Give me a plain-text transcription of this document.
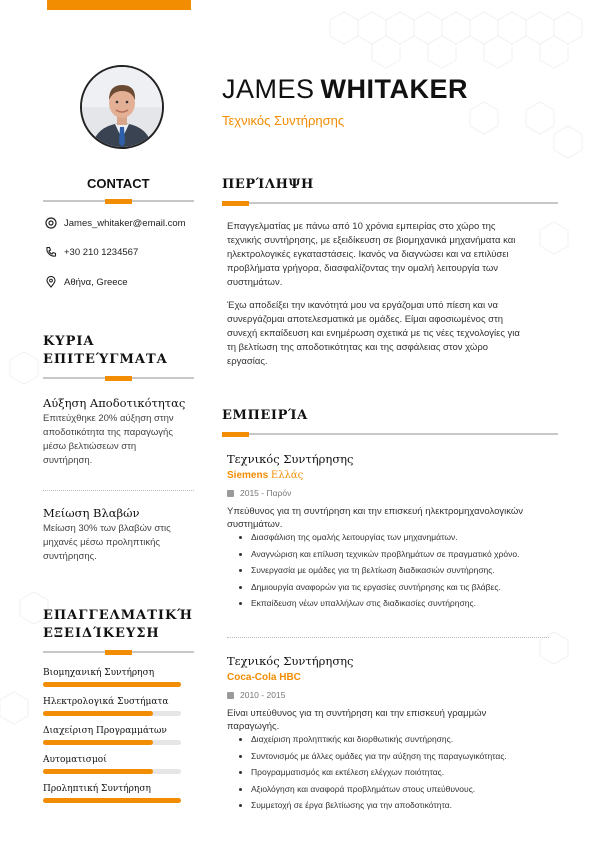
JAMES WHITAKER
Τεχνικός Συντήρησης
CONTACT
James_whitaker@email.com
+30 210 1234567
Αθήνα, Greece
ΚΥΡΙΑ
ΕΠΙΤΕΎΓΜΑΤΑ
Αύξηση Αποδοτικότητας
Επιτεύχθηκε 20% αύξηση στην
αποδοτικότητα της παραγωγής
μέσω βελτιώσεων στη
συντήρηση.
Μείωση Βλαβών
Μείωση 30% των βλαβών στις
μηχανές μέσω προληπτικής
συντήρησης.
ΕΠΑΓΓΕΛΜΑΤΙΚΉ
ΕΞΕΙΔΊΚΕΥΣΗ
Βιομηχανική Συντήρηση
Ηλεκτρολογικά Συστήματα
Διαχείριση Προγραμμάτων
Αυτοματισμοί
Προληπτική Συντήρηση
ΠΕΡΊΛΗΨΗ
Επαγγελματίας με πάνω από 10 χρόνια εμπειρίας στο χώρο της
τεχνικής συντήρησης, με εξειδίκευση σε βιομηχανικά μηχανήματα και
ηλεκτρολογικές εγκαταστάσεις. Ικανός να διαγνώσει και να επιλύσει
προβλήματα γρήγορα, διασφαλίζοντας την ομαλή λειτουργία των
συστημάτων.
Έχω αποδείξει την ικανότητά μου να εργάζομαι υπό πίεση και να
συνεργάζομαι αποτελεσματικά με ομάδες. Είμαι αφοσιωμένος στη
συνεχή εκπαίδευση και ενημέρωση σχετικά με τις νέες τεχνολογίες για
τη βελτίωση της αποδοτικότητας και της ασφάλειας στον χώρο
εργασίας.
ΕΜΠΕΙΡΊΑ
Τεχνικός Συντήρησης
Siemens Ελλάς
2015 - Παρόν
Υπεύθυνος για τη συντήρηση και την επισκευή ηλεκτρομηχανολογικών
συστημάτων.
• Διασφάλιση της ομαλής λειτουργίας των μηχανημάτων.
• Αναγνώριση και επίλυση τεχνικών προβλημάτων σε πραγματικό χρόνο.
• Συνεργασία με ομάδες για τη βελτίωση διαδικασιών συντήρησης.
• Δημιουργία αναφορών για τις εργασίες συντήρησης και τις βλάβες.
• Εκπαίδευση νέων υπαλλήλων στις διαδικασίες συντήρησης.
Τεχνικός Συντήρησης
Coca-Cola HBC
2010 - 2015
Είναι υπεύθυνος για τη συντήρηση και την επισκευή γραμμών
παραγωγής.
• Διαχείριση προληπτικής και διορθωτικής συντήρησης.
• Συντονισμός με άλλες ομάδες για την αύξηση της παραγωγικότητας.
• Προγραμματισμός και εκτέλεση ελέγχων ποιότητας.
• Αξιολόγηση και αναφορά προβλημάτων στους υπεύθυνους.
• Συμμετοχή σε έργα βελτίωσης για την αποδοτικότητα.
